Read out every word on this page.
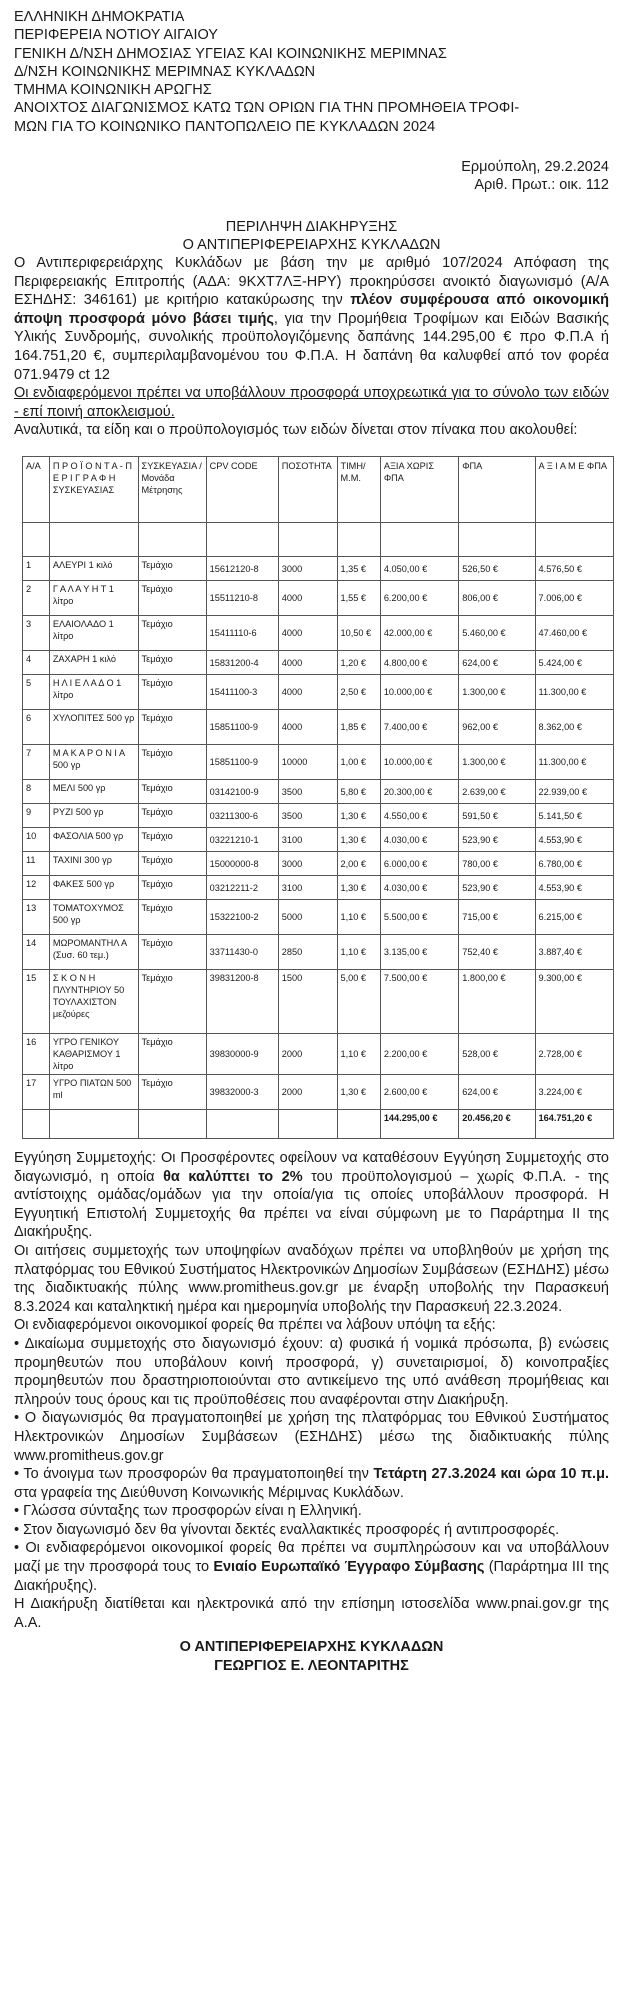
ΕΛΛΗΝΙΚΗ ΔΗΜΟΚΡΑΤΙΑ
ΠΕΡΙΦΕΡΕΙΑ ΝΟΤΙΟΥ ΑΙΓΑΙΟΥ
ΓΕΝΙΚΗ Δ/ΝΣΗ ΔΗΜΟΣΙΑΣ ΥΓΕΙΑΣ ΚΑΙ ΚΟΙΝΩΝΙΚΗΣ ΜΕΡΙΜΝΑΣ
Δ/ΝΣΗ ΚΟΙΝΩΝΙΚΗΣ ΜΕΡΙΜΝΑΣ ΚΥΚΛΑΔΩΝ
ΤΜΗΜΑ ΚΟΙΝΩΝΙΚΗ ΑΡΩΓΗΣ
ΑΝΟΙΧΤΟΣ ΔΙΑΓΩΝΙΣΜΟΣ ΚΑΤΩ ΤΩΝ ΟΡΙΩΝ ΓΙΑ ΤΗΝ ΠΡΟΜΗΘΕΙΑ ΤΡΟΦΙ-
ΜΩΝ ΓΙΑ ΤΟ ΚΟΙΝΩΝΙΚΟ ΠΑΝΤΟΠΩΛΕΙΟ ΠΕ ΚΥΚΛΑΔΩΝ 2024
Ερμούπολη, 29.2.2024
Αριθ. Πρωτ.: οικ. 112
ΠΕΡΙΛΗΨΗ ΔΙΑΚΗΡΥΞΗΣ
Ο ΑΝΤΙΠΕΡΙΦΕΡΕΙΑΡΧΗΣ ΚΥΚΛΑΔΩΝ
Ο Αντιπεριφερειάρχης Κυκλάδων με βάση την με αριθμό 107/2024 Απόφαση της Περιφερειακής Επιτροπής (ΑΔΑ: 9ΚΧΤ7ΛΞ-ΗΡΥ) προκηρύσσει ανοικτό διαγωνισμό (Α/Α ΕΣΗΔΗΣ: 346161) με κριτήριο κατακύρωσης την πλέον συμφέρουσα από οικονομική άποψη προσφορά μόνο βάσει τιμής, για την Προμήθεια Τροφίμων και Ειδών Βασικής Υλικής Συνδρομής, συνολικής προϋπολογιζόμενης δαπάνης 144.295,00 € προ Φ.Π.Α ή 164.751,20 €, συμπεριλαμβανομένου του Φ.Π.Α. Η δαπάνη θα καλυφθεί από τον φορέα 071.9479 ct 12
Οι ενδιαφερόμενοι πρέπει να υποβάλλουν προσφορά υποχρεωτικά για το σύνολο των ειδών - επί ποινή αποκλεισμού.
Αναλυτικά, τα είδη και ο προϋπολογισμός των ειδών δίνεται στον πίνακα που ακολουθεί:
Α/Α	Π Ρ Ο Ϊ Ο Ν Τ Α - Π Ε Ρ Ι Γ Ρ Α Φ Η ΣΥΣΚΕΥΑΣΙΑΣ	ΣΥΣΚΕΥΑΣΙΑ /Μονάδα Μέτρησης	CPV CODE	ΠΟΣΟΤΗΤΑ	ΤΙΜΗ/ Μ.Μ.	ΑΞΙΑ ΧΩΡΙΣ ΦΠΑ	ΦΠΑ	Α Ξ Ι Α Μ Ε ΦΠΑ

1	ΑΛΕΥΡΙ 1 κιλό	Τεμάχιο	15612120-8	3000	1,35 €	4.050,00 €	526,50 €	4.576,50 €
2	Γ Α Λ Α Υ Η Τ 1 λίτρο	Τεμάχιο	15511210-8	4000	1,55 €	6.200,00 €	806,00 €	7.006,00 €
3	ΕΛΑΙΟΛΑΔΟ 1 λίτρο	Τεμάχιο	15411110-6	4000	10,50 €	42.000,00 €	5.460,00 €	47.460,00 €
4	ΖΑΧΑΡΗ 1 κιλό	Τεμάχιο	15831200-4	4000	1,20 €	4.800,00 €	624,00 €	5.424,00 €
5	Η Λ Ι Ε Λ Α Δ Ο 1 λίτρο	Τεμάχιο	15411100-3	4000	2,50 €	10.000,00 €	1.300,00 €	11.300,00 €
6	ΧΥΛΟΠΙΤΕΣ 500 γρ	Τεμάχιο	15851100-9	4000	1,85 €	7.400,00 €	962,00 €	8.362,00 €
7	Μ Α Κ Α Ρ Ο Ν Ι Α 500 γρ	Τεμάχιο	15851100-9	10000	1,00 €	10.000,00 €	1.300,00 €	11.300,00 €
8	ΜΕΛΙ 500 γρ	Τεμάχιο	03142100-9	3500	5,80 €	20.300,00 €	2.639,00 €	22.939,00 €
9	ΡΥΖΙ 500 γρ	Τεμάχιο	03211300-6	3500	1,30 €	4.550,00 €	591,50 €	5.141,50 €
10	ΦΑΣΟΛΙΑ 500 γρ	Τεμάχιο	03221210-1	3100	1,30 €	4.030,00 €	523,90 €	4.553,90 €
11	ΤΑΧΙΝΙ 300 γρ	Τεμάχιο	15000000-8	3000	2,00 €	6.000,00 €	780,00 €	6.780,00 €
12	ΦΑΚΕΣ 500 γρ	Τεμάχιο	03212211-2	3100	1,30 €	4.030,00 €	523,90 €	4.553,90 €
13	ΤΟΜΑΤΟΧΥΜΟΣ 500 γρ	Τεμάχιο	15322100-2	5000	1,10 €	5.500,00 €	715,00 €	6.215,00 €
14	ΜΩΡΟΜΑΝΤΗΛ Α (Συσ. 60 τεμ.)	Τεμάχιο	33711430-0	2850	1,10 €	3.135,00 €	752,40 €	3.887,40 €
15	Σ Κ Ο Ν Η ΠΛΥΝΤΗΡΙΟΥ 50 ΤΟΥΛΑΧΙΣΤΟΝ μεζούρες	Τεμάχιο	39831200-8	1500	5,00 €	7.500,00 €	1.800,00 €	9.300,00 €
16	ΥΓΡΟ ΓΕΝΙΚΟΥ ΚΑΘΑΡΙΣΜΟΥ 1 λίτρο	Τεμάχιο	39830000-9	2000	1,10 €	2.200,00 €	528,00 €	2.728,00 €
17	ΥΓΡΟ ΠΙΑΤΩΝ 500 ml	Τεμάχιο	39832000-3	2000	1,30 €	2.600,00 €	624,00 €	3.224,00 €
						144.295,00 €	20.456,20 €	164.751,20 €
Εγγύηση Συμμετοχής: Οι Προσφέροντες οφείλουν να καταθέσουν Εγγύηση Συμμετοχής στο διαγωνισμό, η οποία θα καλύπτει το 2% του προϋπολογισμού – χωρίς Φ.Π.Α. - της αντίστοιχης ομάδας/ομάδων για την οποία/για τις οποίες υποβάλλουν προσφορά. Η Εγγυητική Επιστολή Συμμετοχής θα πρέπει να είναι σύμφωνη με το Παράρτημα ΙΙ της Διακήρυξης.
Οι αιτήσεις συμμετοχής των υποψηφίων αναδόχων πρέπει να υποβληθούν με χρήση της πλατφόρμας του Εθνικού Συστήματος Ηλεκτρονικών Δημοσίων Συμβάσεων (ΕΣΗΔΗΣ) μέσω της διαδικτυακής πύλης www.promitheus.gov.gr με έναρξη υποβολής την Παρασκευή 8.3.2024 και καταληκτική ημέρα και ημερομηνία υποβολής την Παρασκευή 22.3.2024.
Οι ενδιαφερόμενοι οικονομικοί φορείς θα πρέπει να λάβουν υπόψη τα εξής:
• Δικαίωμα συμμετοχής στο διαγωνισμό έχουν: α) φυσικά ή νομικά πρόσωπα, β) ενώσεις προμηθευτών που υποβάλουν κοινή προσφορά, γ) συνεταιρισμοί, δ) κοινοπραξίες προμηθευτών που δραστηριοποιούνται στο αντικείμενο της υπό ανάθεση προμήθειας και πληρούν τους όρους και τις προϋποθέσεις που αναφέρονται στην Διακήρυξη.
• Ο διαγωνισμός θα πραγματοποιηθεί με χρήση της πλατφόρμας του Εθνικού Συστήματος Ηλεκτρονικών Δημοσίων Συμβάσεων (ΕΣΗΔΗΣ) μέσω της διαδικτυακής πύλης www.promitheus.gov.gr
• Το άνοιγμα των προσφορών θα πραγματοποιηθεί την Τετάρτη 27.3.2024 και ώρα 10 π.μ. στα γραφεία της Διεύθυνση Κοινωνικής Μέριμνας Κυκλάδων.
• Γλώσσα σύνταξης των προσφορών είναι η Ελληνική.
• Στον διαγωνισμό δεν θα γίνονται δεκτές εναλλακτικές προσφορές ή αντιπροσφορές.
• Οι ενδιαφερόμενοι οικονομικοί φορείς θα πρέπει να συμπληρώσουν και να υποβάλλουν μαζί με την προσφορά τους το Ενιαίο Ευρωπαϊκό Έγγραφο Σύμβασης (Παράρτημα ΙΙΙ της Διακήρυξης).
Η Διακήρυξη διατίθεται και ηλεκτρονικά από την επίσημη ιστοσελίδα www.pnai.gov.gr της Α.Α.
Ο ΑΝΤΙΠΕΡΙΦΕΡΕΙΑΡΧΗΣ ΚΥΚΛΑΔΩΝ
ΓΕΩΡΓΙΟΣ Ε. ΛΕΟΝΤΑΡΙΤΗΣ
